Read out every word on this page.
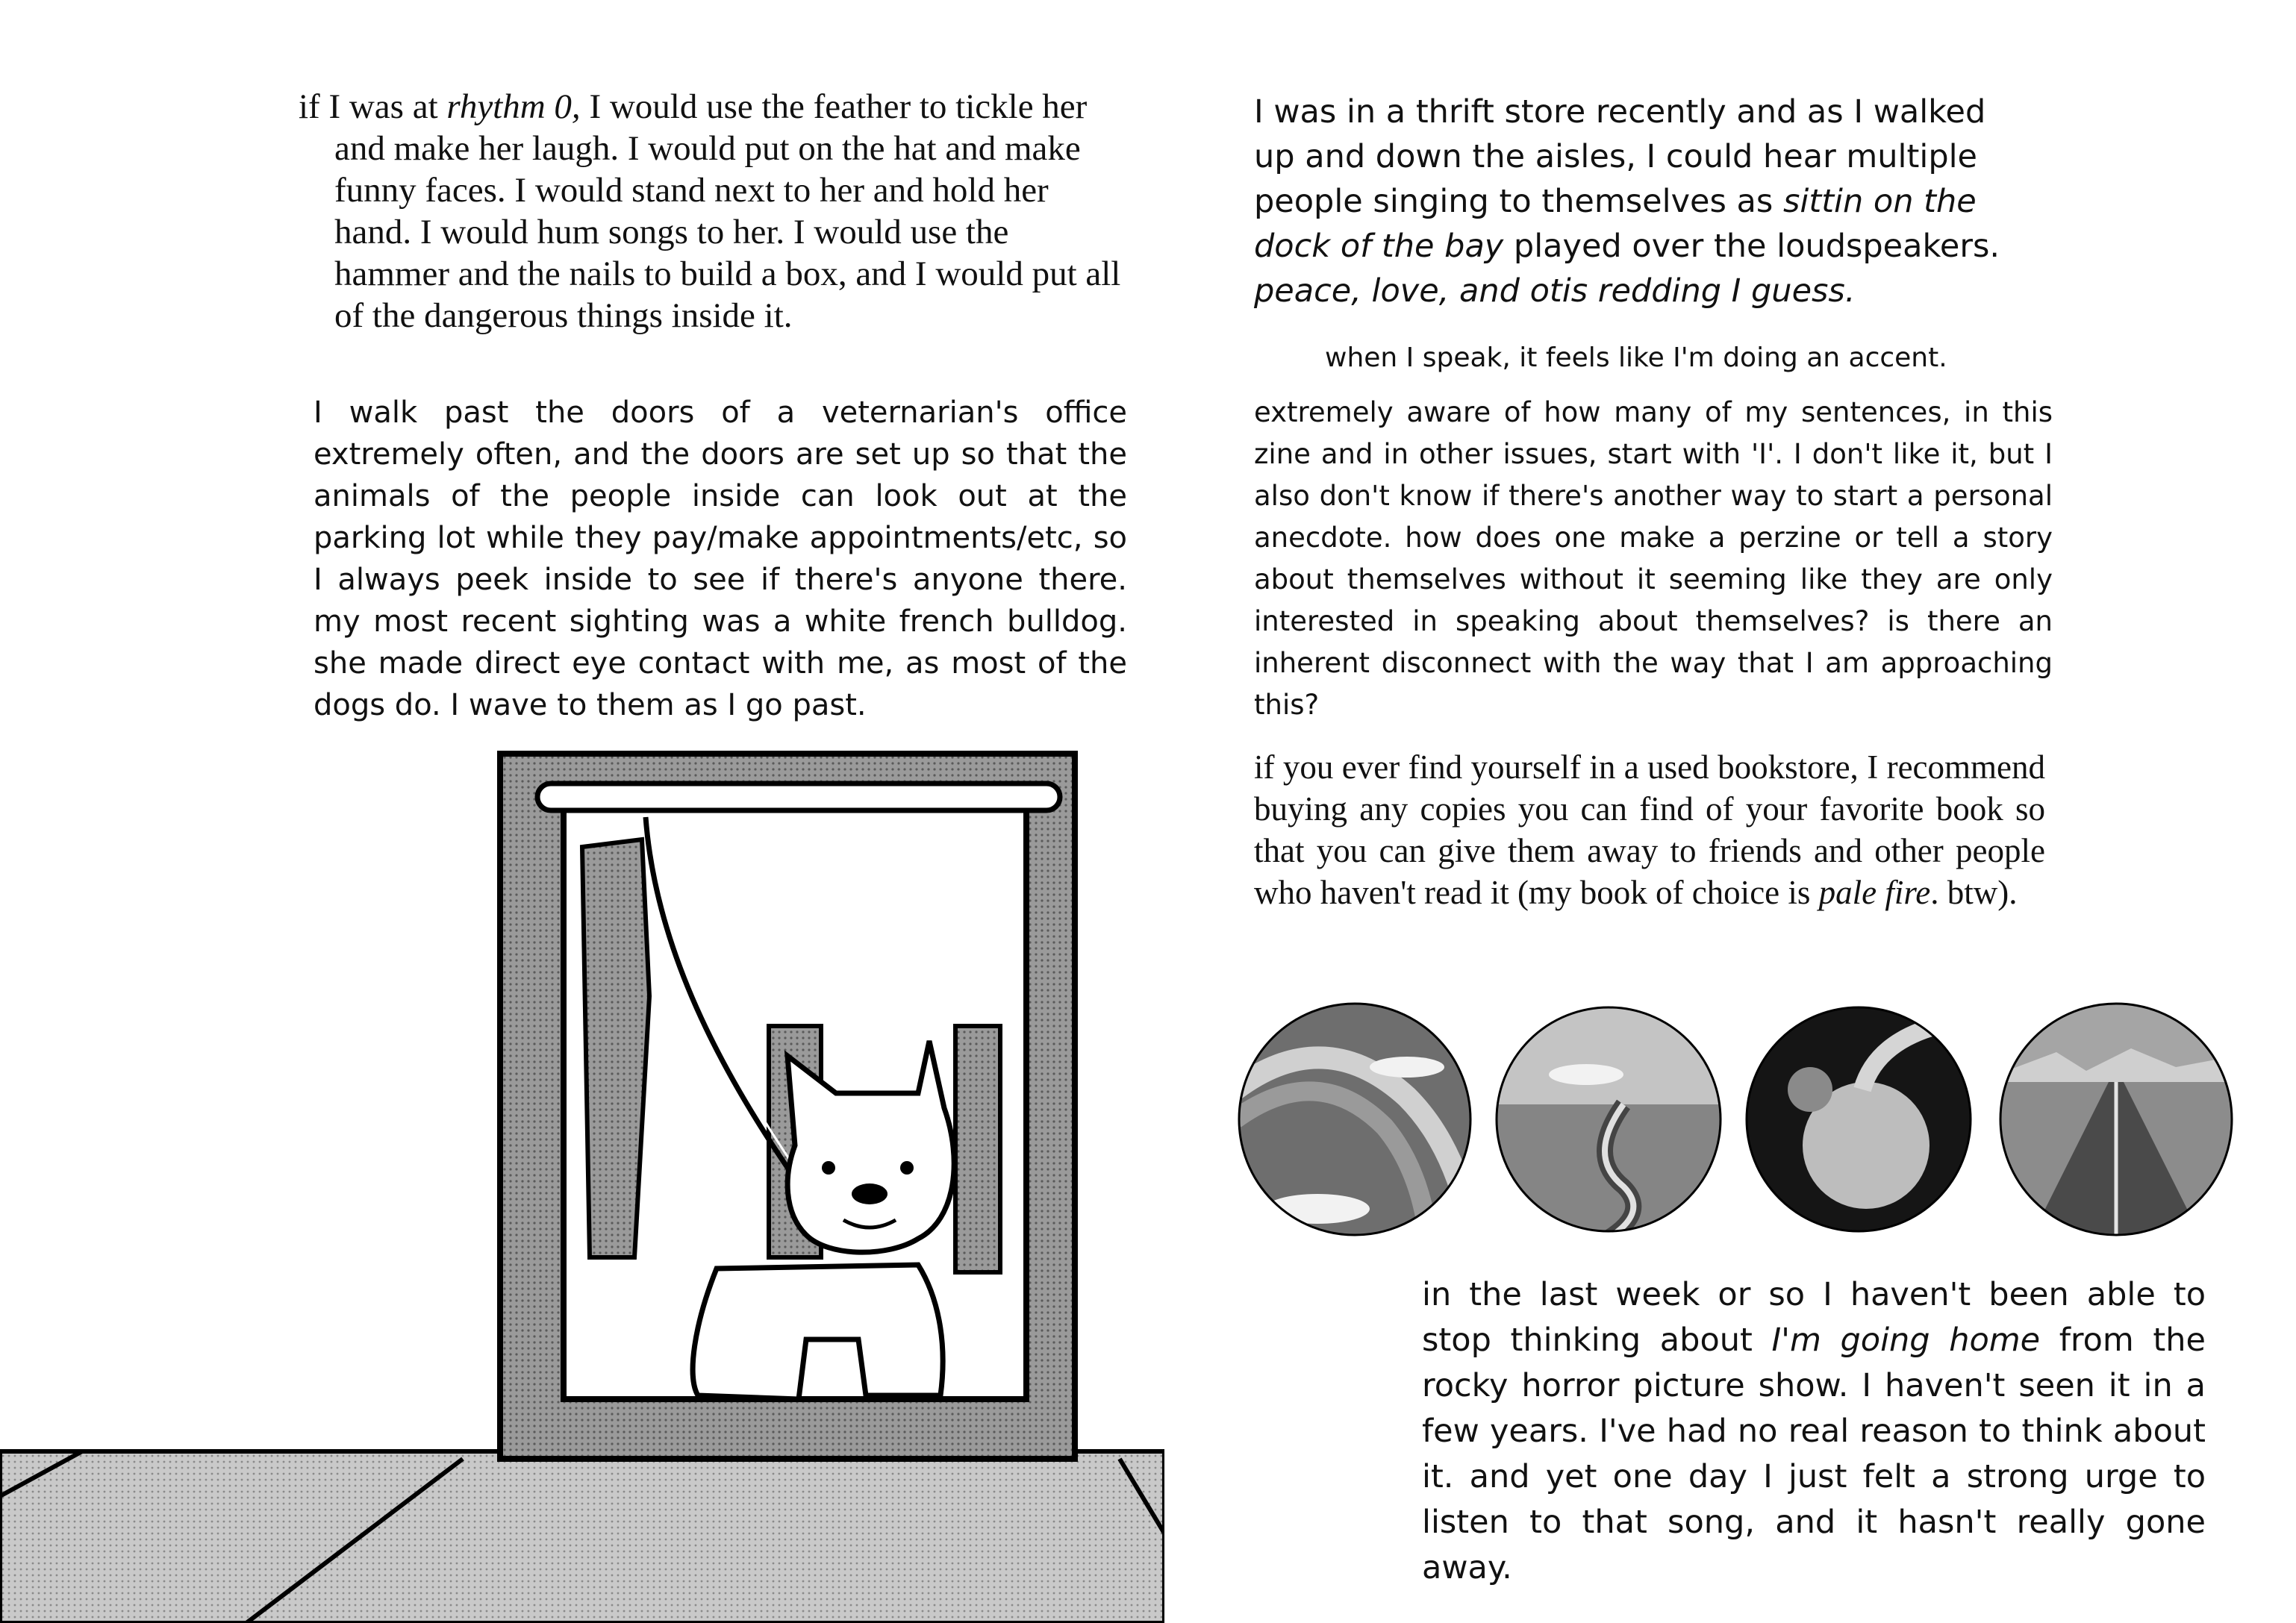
if I was at rhythm 0, I would use the feather to tickle her and make her laugh. I would put on the hat and make funny faces. I would stand next to her and hold her hand. I would hum songs to her. I would use the hammer and the nails to build a box, and I would put all of the dangerous things inside it.

I walk past the doors of a veternarian's office extremely often, and the doors are set up so that the animals of the people inside can look out at the parking lot while they pay/make appointments/etc, so I always peek inside to see if there's anyone there. my most recent sighting was a white french bulldog. she made direct eye contact with me, as most of the dogs do. I wave to them as I go past.

I was in a thrift store recently and as I walked up and down the aisles, I could hear multiple people singing to themselves as sittin on the dock of the bay played over the loudspeakers. peace, love, and otis redding I guess.

when I speak, it feels like I'm doing an accent.

extremely aware of how many of my sentences, in this zine and in other issues, start with 'I'. I don't like it, but I also don't know if there's another way to start a personal anecdote. how does one make a perzine or tell a story about themselves without it seeming like they are only interested in speaking about themselves? is there an inherent disconnect with the way that I am approaching this?

if you ever find yourself in a used bookstore, I recommend buying any copies you can find of your favorite book so that you can give them away to friends and other people who haven't read it (my book of choice is pale fire. btw).

in the last week or so I haven't been able to stop thinking about I'm going home from the rocky horror picture show. I haven't seen it in a few years. I've had no real reason to think about it. and yet one day I just felt a strong urge to listen to that song, and it hasn't really gone away.
